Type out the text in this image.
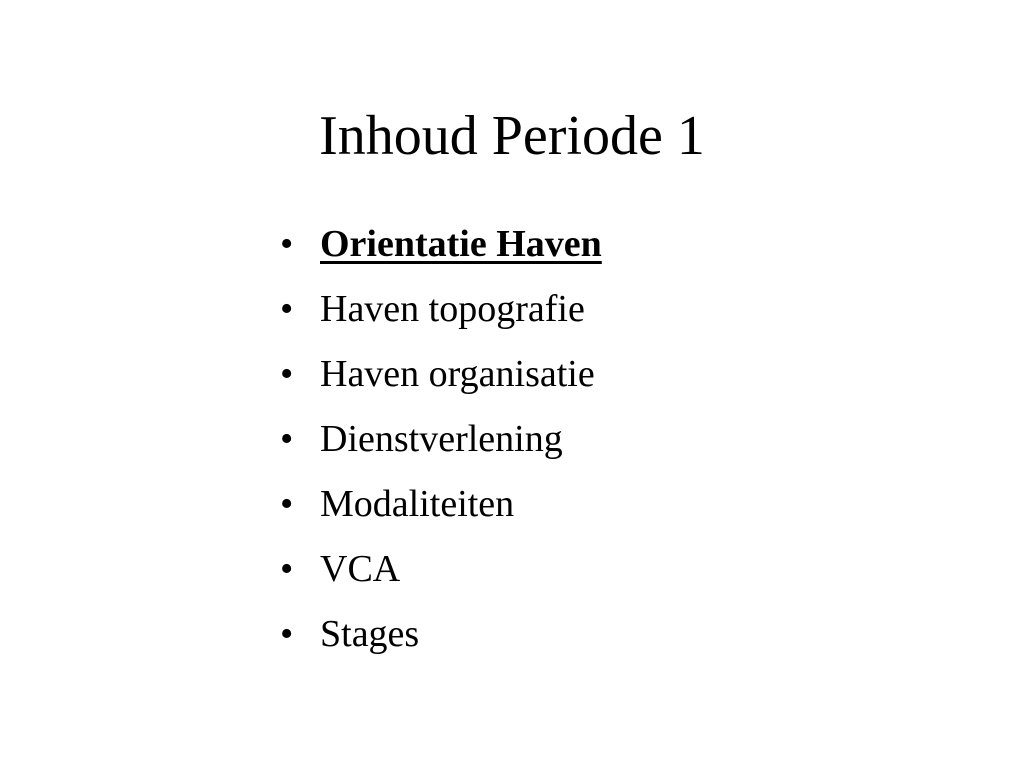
Inhoud Periode 1
• Orientatie Haven
• Haven topografie
• Haven organisatie
• Dienstverlening
• Modaliteiten
• VCA
• Stages
